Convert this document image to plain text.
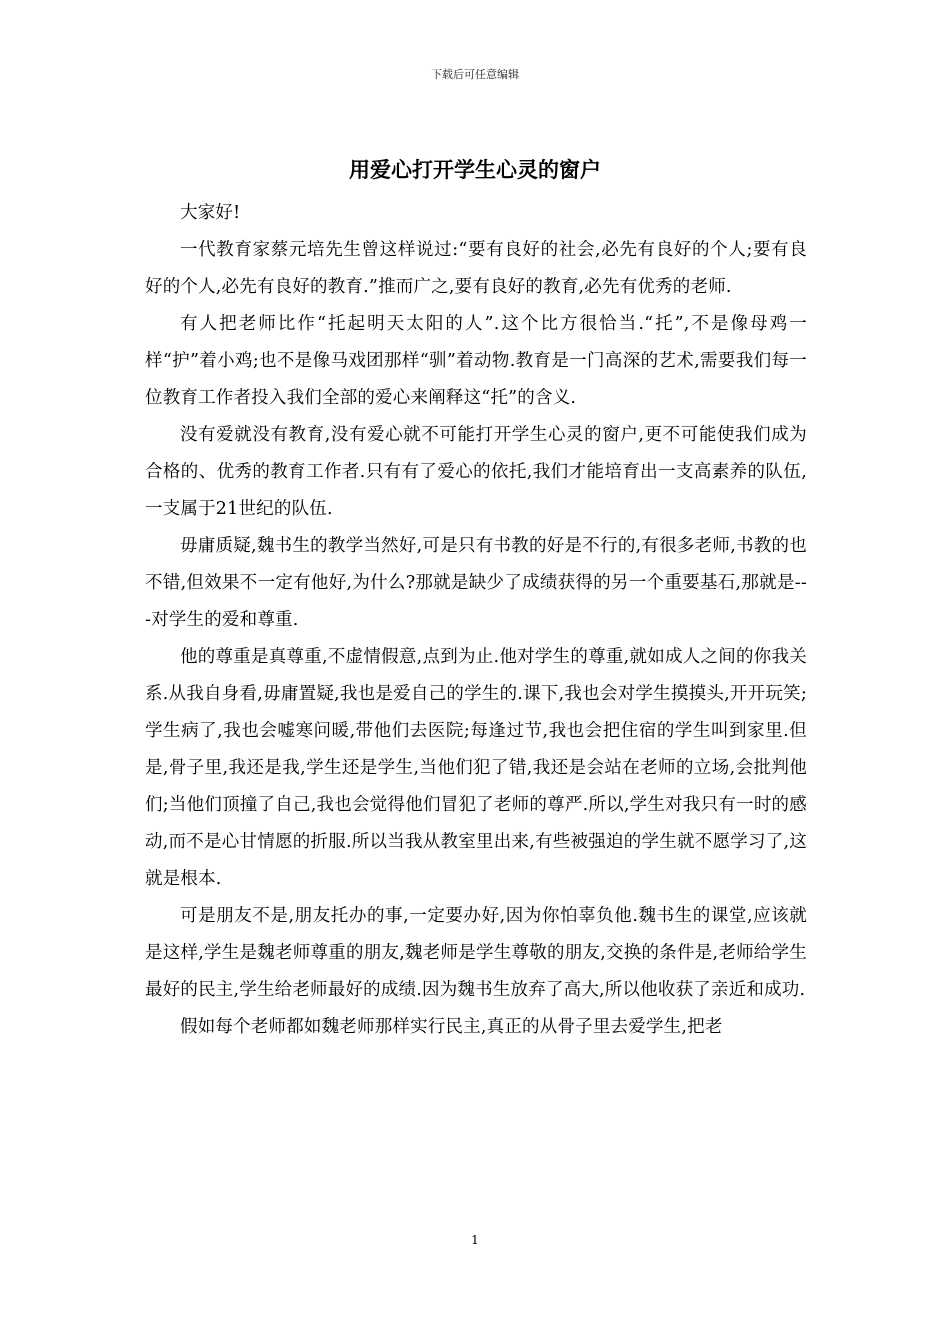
下载后可任意编辑
用爱心打开学生心灵的窗户

大家好!

一代教育家蔡元培先生曾这样说过:“要有良好的社会,必先有良好的个人;要有良好的个人,必先有良好的教育.”推而广之,要有良好的教育,必先有优秀的老师.

有人把老师比作“托起明天太阳的人”.这个比方很恰当.“托”,不是像母鸡一样“护”着小鸡;也不是像马戏团那样“驯”着动物.教育是一门高深的艺术,需要我们每一位教育工作者投入我们全部的爱心来阐释这“托”的含义.

没有爱就没有教育,没有爱心就不可能打开学生心灵的窗户,更不可能使我们成为合格的、优秀的教育工作者.只有有了爱心的依托,我们才能培育出一支高素养的队伍,一支属于21世纪的队伍.

毋庸质疑,魏书生的教学当然好,可是只有书教的好是不行的,有很多老师,书教的也不错,但效果不一定有他好,为什么?那就是缺少了成绩获得的另一个重要基石,那就是---对学生的爱和尊重.

他的尊重是真尊重,不虚情假意,点到为止.他对学生的尊重,就如成人之间的你我关系.从我自身看,毋庸置疑,我也是爱自己的学生的.课下,我也会对学生摸摸头,开开玩笑;学生病了,我也会嘘寒问暖,带他们去医院;每逢过节,我也会把住宿的学生叫到家里.但是,骨子里,我还是我,学生还是学生,当他们犯了错,我还是会站在老师的立场,会批判他们;当他们顶撞了自己,我也会觉得他们冒犯了老师的尊严.所以,学生对我只有一时的感动,而不是心甘情愿的折服.所以当我从教室里出来,有些被强迫的学生就不愿学习了,这就是根本.

可是朋友不是,朋友托办的事,一定要办好,因为你怕辜负他.魏书生的课堂,应该就是这样,学生是魏老师尊重的朋友,魏老师是学生尊敬的朋友,交换的条件是,老师给学生最好的民主,学生给老师最好的成绩.因为魏书生放弃了高大,所以他收获了亲近和成功.

假如每个老师都如魏老师那样实行民主,真正的从骨子里去爱学生,把老

1
